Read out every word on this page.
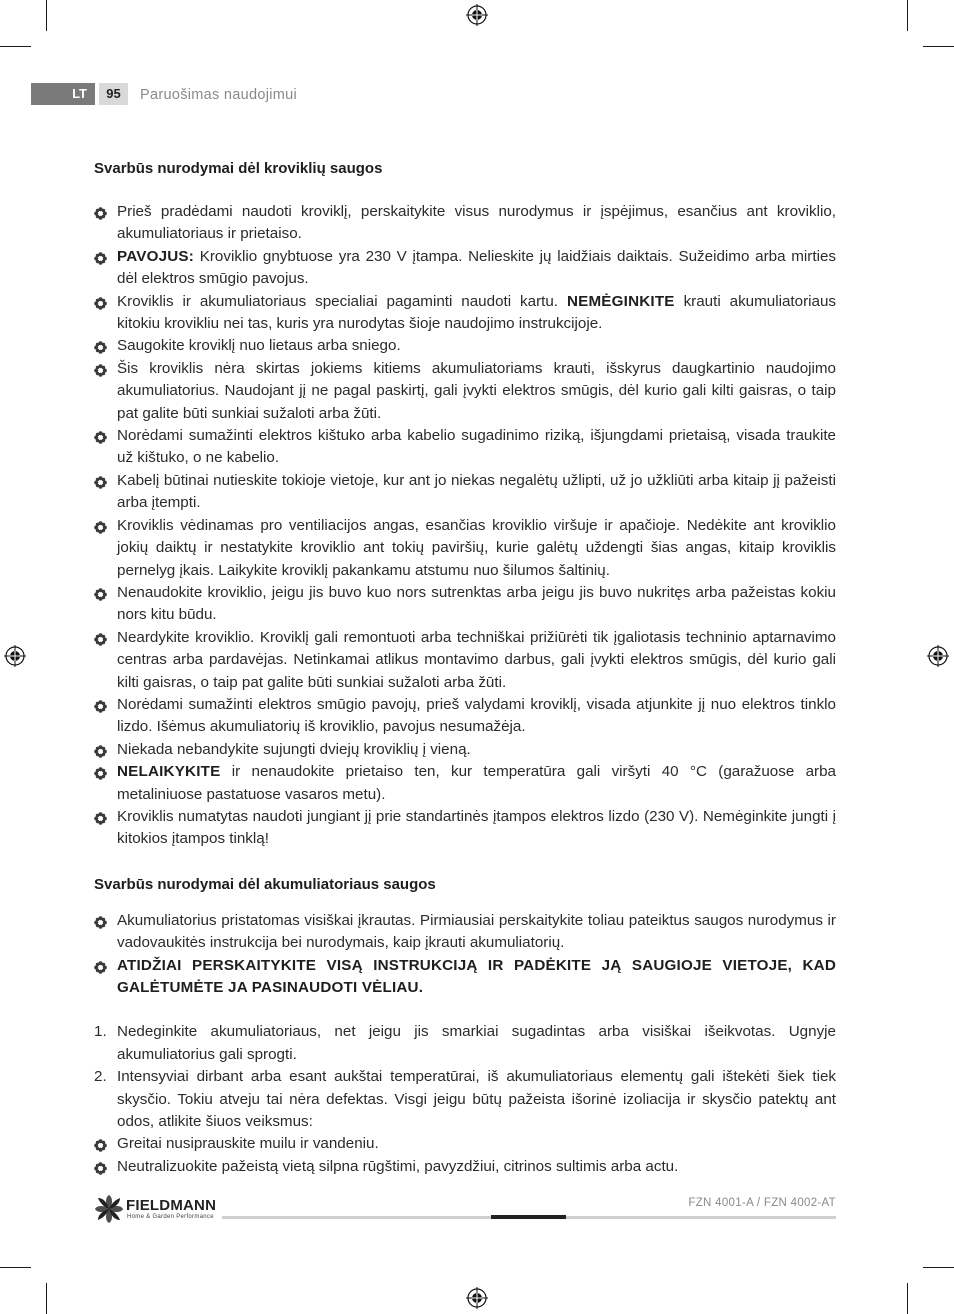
LT	95	Paruošimas naudojimui
Svarbūs nurodymai dėl kroviklių saugos
Prieš pradėdami naudoti kroviklį, perskaitykite visus nurodymus ir įspėjimus, esančius ant kroviklio, akumuliatoriaus ir prietaiso.
PAVOJUS: Kroviklio gnybtuose yra 230 V įtampa. Nelieskite jų laidžiais daiktais. Sužeidimo arba mirties dėl elektros smūgio pavojus.
Kroviklis ir akumuliatoriaus specialiai pagaminti naudoti kartu. NEMĖGINKITE krauti akumuliatoriaus kitokiu krovikliu nei tas, kuris yra nurodytas šioje naudojimo instrukcijoje.
Saugokite kroviklį nuo lietaus arba sniego.
Šis kroviklis nėra skirtas jokiems kitiems akumuliatoriams krauti, išskyrus daugkartinio naudojimo akumuliatorius. Naudojant jį ne pagal paskirtį, gali įvykti elektros smūgis, dėl kurio gali kilti gaisras, o taip pat galite būti sunkiai sužaloti arba žūti.
Norėdami sumažinti elektros kištuko arba kabelio sugadinimo riziką, išjungdami prietaisą, visada traukite už kištuko, o ne kabelio.
Kabelį būtinai nutieskite tokioje vietoje, kur ant jo niekas negalėtų užlipti, už jo užkliūti arba kitaip jį pažeisti arba įtempti.
Kroviklis vėdinamas pro ventiliacijos angas, esančias kroviklio viršuje ir apačioje. Nedėkite ant kroviklio jokių daiktų ir nestatykite kroviklio ant tokių paviršių, kurie galėtų uždengti šias angas, kitaip kroviklis pernelyg įkais. Laikykite kroviklį pakankamu atstumu nuo šilumos šaltinių.
Nenaudokite kroviklio, jeigu jis buvo kuo nors sutrenktas arba jeigu jis buvo nukritęs arba pažeistas kokiu nors kitu būdu.
Neardykite kroviklio. Kroviklį gali remontuoti arba techniškai prižiūrėti tik įgaliotasis techninio aptarnavimo centras arba pardavėjas. Netinkamai atlikus montavimo darbus, gali įvykti elektros smūgis, dėl kurio gali kilti gaisras, o taip pat galite būti sunkiai sužaloti arba žūti.
Norėdami sumažinti elektros smūgio pavojų, prieš valydami kroviklį, visada atjunkite jį nuo elektros tinklo lizdo. Išėmus akumuliatorių iš kroviklio, pavojus nesumažėja.
Niekada nebandykite sujungti dviejų kroviklių į vieną.
NELAIKYKITE ir nenaudokite prietaiso ten, kur temperatūra gali viršyti 40 °C (garažuose arba metaliniuose pastatuose vasaros metu).
Kroviklis numatytas naudoti jungiant jį prie standartinės įtampos elektros lizdo (230 V). Nemėginkite jungti į kitokios įtampos tinklą!
Svarbūs nurodymai dėl akumuliatoriaus saugos
Akumuliatorius pristatomas visiškai įkrautas. Pirmiausiai perskaitykite toliau pateiktus saugos nurodymus ir vadovaukitės instrukcija bei nurodymais, kaip įkrauti akumuliatorių.
ATIDŽIAI PERSKAITYKITE VISĄ INSTRUKCIJĄ IR PADĖKITE JĄ SAUGIOJE VIETOJE, KAD GALĖTUMĖTE JA PASINAUDOTI VĖLIAU.
1. Nedeginkite akumuliatoriaus, net jeigu jis smarkiai sugadintas arba visiškai išeikvotas. Ugnyje akumuliatorius gali sprogti.
2. Intensyviai dirbant arba esant aukštai temperatūrai, iš akumuliatoriaus elementų gali ištekėti šiek tiek skysčio. Tokiu atveju tai nėra defektas. Visgi jeigu būtų pažeista išorinė izoliacija ir skysčio patektų ant odos, atlikite šiuos veiksmus:
Greitai nusiprauskite muilu ir vandeniu.
Neutralizuokite pažeistą vietą silpna rūgštimi, pavyzdžiui, citrinos sultimis arba actu.
FIELDMANN
Home & Garden Performance
FZN 4001-A / FZN 4002-AT
